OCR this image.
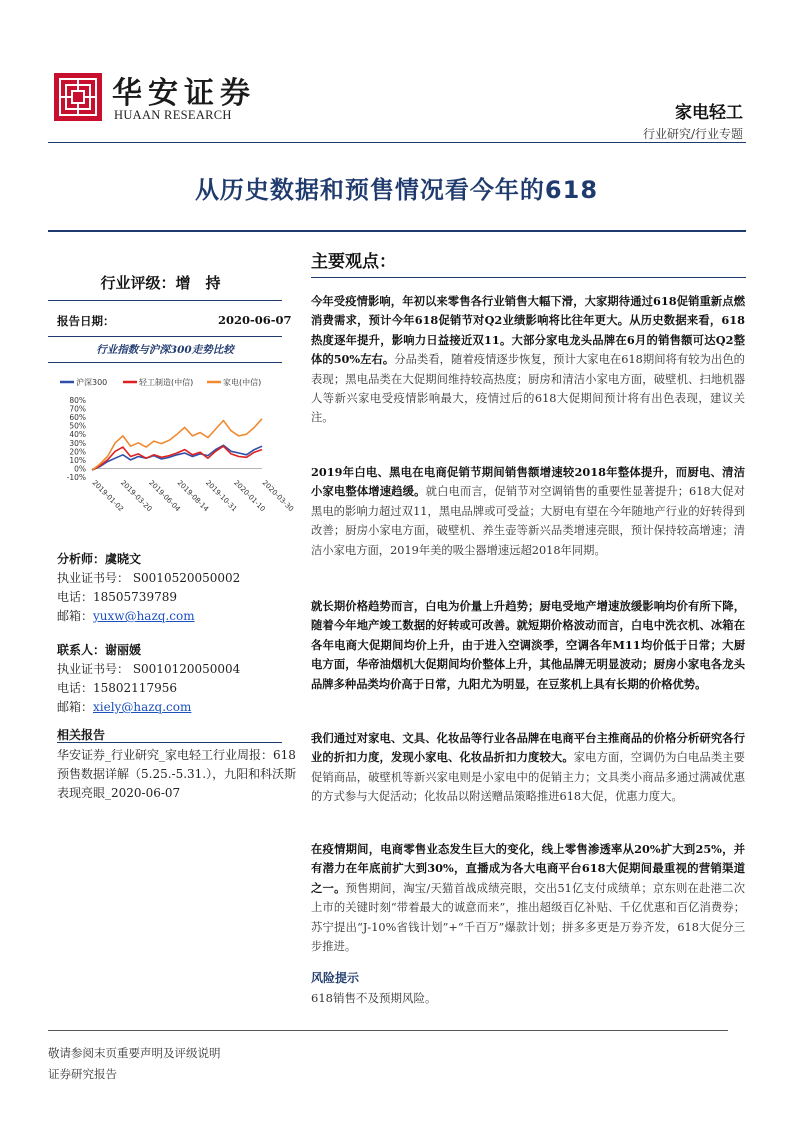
华安证券
HUAAN RESEARCH	家电轻工
行业研究/行业专题
从历史数据和预售情况看今年的618
行业评级：增　持
报告日期：	2020-06-07
行业指数与沪深300走势比较
沪深300	轻工制造(中信)	家电(中信)
80%
70%
60%
50%
40%
30%
20%
10%
0%
-10%
2019-01-02
2019-03-20
2019-06-04
2019-08-14
2019-10-31
2020-01-10
2020-03-30
分析师：虞晓文
执业证书号： S0010520050002
电话：18505739789
邮箱：yuxw@hazq.com
联系人：谢丽媛
执业证书号： S0010120050004
电话：15802117956
邮箱：xiely@hazq.com
相关报告
华安证券_行业研究_家电轻工行业周报：618 预售数据详解（5.25.-5.31.），九阳和科沃斯表现亮眼_2020-06-07
主要观点：
今年受疫情影响，年初以来零售各行业销售大幅下滑，大家期待通过618促销重新点燃消费需求，预计今年618促销节对Q2业绩影响将比往年更大。从历史数据来看，618热度逐年提升，影响力日益接近双11。大部分家电龙头品牌在6月的销售额可达Q2整体的50%左右。分品类看，随着疫情逐步恢复，预计大家电在618期间将有较为出色的表现；黑电品类在大促期间维持较高热度；厨房和清洁小家电方面，破壁机、扫地机器人等新兴家电受疫情影响最大，疫情过后的618大促期间预计将有出色表现，建议关注。
2019年白电、黑电在电商促销节期间销售额增速较2018年整体提升，而厨电、清洁小家电整体增速趋缓。就白电而言，促销节对空调销售的重要性显著提升；618大促对黑电的影响力超过双11，黑电品牌或可受益；大厨电有望在今年随地产行业的好转得到改善；厨房小家电方面，破壁机、养生壶等新兴品类增速亮眼，预计保持较高增速；清洁小家电方面，2019年美的吸尘器增速远超2018年同期。
就长期价格趋势而言，白电为价量上升趋势；厨电受地产增速放缓影响均价有所下降，随着今年地产竣工数据的好转或可改善。就短期价格波动而言，白电中洗衣机、冰箱在各年电商大促期间均价上升，由于进入空调淡季，空调各年M11均价低于日常；大厨电方面，华帝油烟机大促期间均价整体上升，其他品牌无明显波动；厨房小家电各龙头品牌多种品类均价高于日常，九阳尤为明显，在豆浆机上具有长期的价格优势。
我们通过对家电、文具、化妆品等行业各品牌在电商平台主推商品的价格分析研究各行业的折扣力度，发现小家电、化妆品折扣力度较大。家电方面，空调仍为白电品类主要促销商品，破壁机等新兴家电则是小家电中的促销主力；文具类小商品多通过满减优惠的方式参与大促活动；化妆品以附送赠品策略推进618大促，优惠力度大。
在疫情期间，电商零售业态发生巨大的变化，线上零售渗透率从20%扩大到25%，并有潜力在年底前扩大到30%，直播成为各大电商平台618大促期间最重视的营销渠道之一。预售期间，淘宝/天猫首战成绩亮眼，交出51亿支付成绩单；京东则在赴港二次上市的关键时刻“带着最大的诚意而来”，推出超级百亿补贴、千亿优惠和百亿消费券；苏宁提出“J-10%省钱计划”+“千百万”爆款计划；拼多多更是万券齐发，618大促分三步推进。
风险提示
618销售不及预期风险。
敬请参阅末页重要声明及评级说明
证券研究报告
